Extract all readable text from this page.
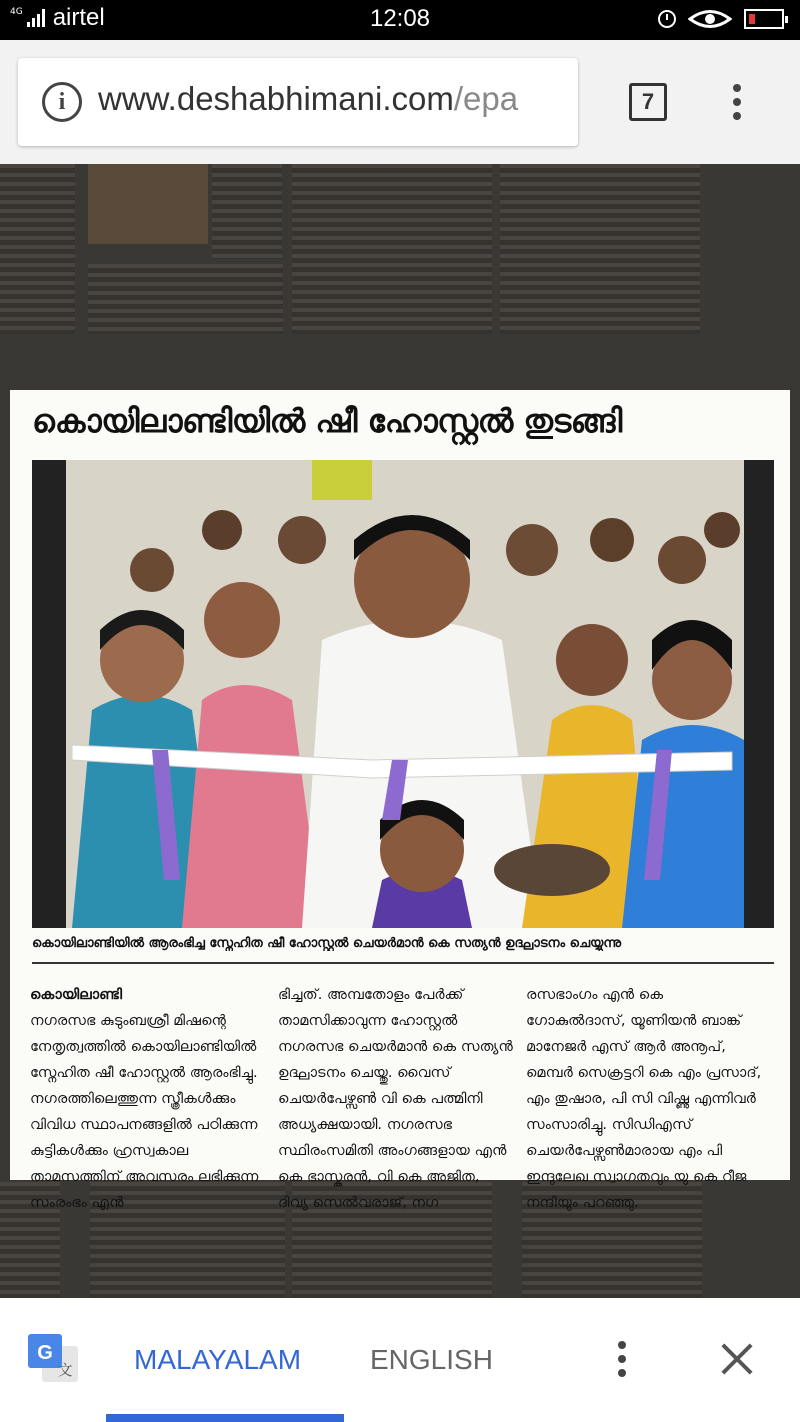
4G airtel	12:08
i www.deshabhimani.com/epa	7
കൊയിലാണ്ടിയിൽ ഷീ ഹോസ്റ്റൽ തുടങ്ങി
കൊയിലാണ്ടിയിൽ ആരംഭിച്ച സ്നേഹിത ഷീ ഹോസ്റ്റൽ ചെയർമാൻ കെ സത്യൻ ഉദ്ഘാടനം ചെയ്യുന്നു
കൊയിലാണ്ടി

നഗരസഭ കുടുംബശ്രീ മിഷന്റെ നേതൃത്വത്തിൽ കൊയിലാണ്ടിയിൽ സ്നേഹിത ഷീ ഹോസ്റ്റൽ ആരംഭിച്ചു. നഗരത്തിലെത്തുന്ന സ്ത്രീകൾക്കും വിവിധ സ്ഥാപനങ്ങളിൽ പഠിക്കുന്ന കുട്ടികൾക്കും ഹ്രസ്വകാല താമസത്തിന് അവസരം ലഭിക്കുന്ന സംരംഭം എൻ

ഭിച്ചത്. അമ്പതോളം പേർക്ക് താമസിക്കാവുന്ന ഹോസ്റ്റൽ നഗരസഭ ചെയർമാൻ കെ സത്യൻ ഉദ്ഘാടനം ചെയ്തു. വൈസ് ചെയർപേഴ്സൺ വി കെ പത്മിനി അധ്യക്ഷയായി. നഗരസഭ സ്ഥിരംസമിതി അംഗങ്ങളായ എൻ കെ ഭാസ്കരൻ, വി കെ അജിത, ദിവ്യ സെൽവരാജ്, നഗ

രസഭാംഗം എൻ കെ ഗോകുൽദാസ്, യൂണിയൻ ബാങ്ക് മാനേജർ എസ് ആർ അനൂപ്, മെമ്പർ സെക്രട്ടറി കെ എം പ്രസാദ്, എം തുഷാര, പി സി വിഷ്ണു എന്നിവർ സംസാരിച്ചു. സിഡിഎസ് ചെയർപേഴ്സൺമാരായ എം പി ഇന്ദുലേഖ സ്വാഗതവും യു കെ റീജ നന്ദിയും പറഞ്ഞു.

G
文 MALAYALAM ENGLISH
